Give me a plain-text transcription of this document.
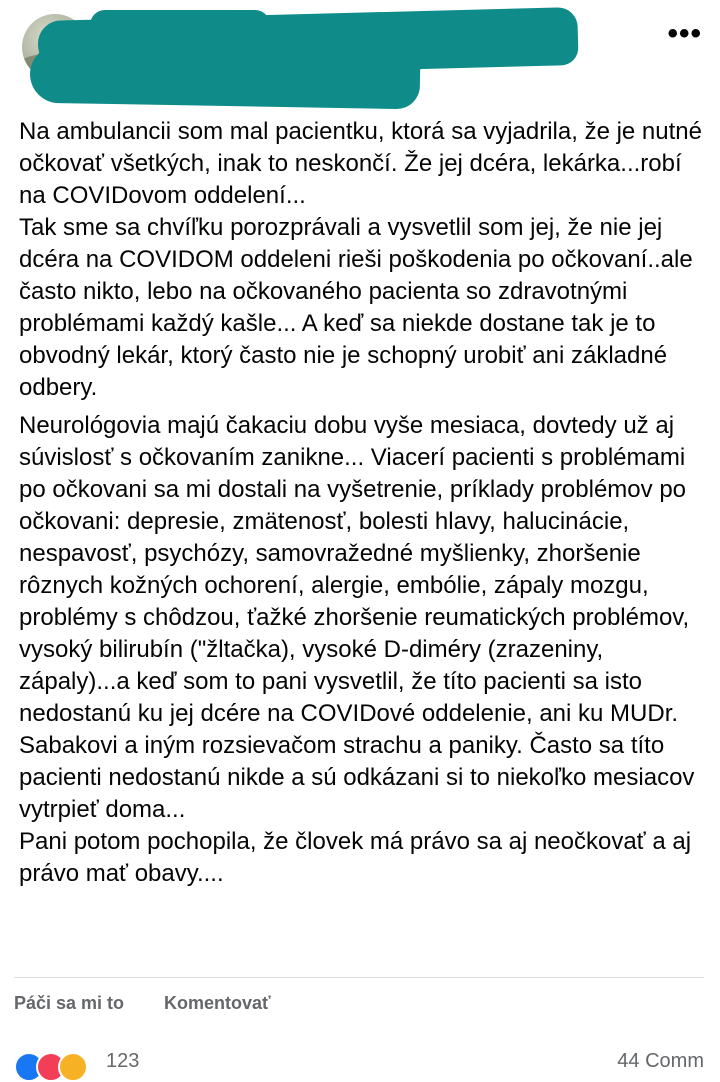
•••

Na ambulancii som mal pacientku, ktorá sa vyjadrila, že je nutné očkovať všetkých, inak to neskončí. Že jej dcéra, lekárka...robí na COVIDovom oddelení...
Tak sme sa chvíľku porozprávali a vysvetlil som jej, že nie jej dcéra na COVIDOM oddeleni rieši poškodenia po očkovaní..ale často nikto, lebo na očkovaného pacienta so zdravotnými problémami každý kašle... A keď sa niekde dostane tak je to obvodný lekár, ktorý často nie je schopný urobiť ani základné odbery.

Neurológovia majú čakaciu dobu vyše mesiaca, dovtedy už aj súvislosť s očkovaním zanikne... Viacerí pacienti s problémami po očkovani sa mi dostali na vyšetrenie, príklady problémov po očkovani: depresie, zmätenosť, bolesti hlavy, halucinácie, nespavosť, psychózy, samovražedné myšlienky, zhoršenie rôznych kožných ochorení, alergie, embólie, zápaly mozgu, problémy s chôdzou, ťažké zhoršenie reumatických problémov, vysoký bilirubín ("žltačka), vysoké D-diméry (zrazeniny, zápaly)...a keď som to pani vysvetlil, že títo pacienti sa isto nedostanú ku jej dcére na COVIDové oddelenie, ani ku MUDr. Sabakovi a iným rozsievačom strachu a paniky. Často sa títo pacienti nedostanú nikde a sú odkázani si to niekoľko mesiacov vytrpieť doma...
Pani potom pochopila, že človek má právo sa aj neočkovať a aj právo mať obavy....

Páči sa mi to Komentovať
123	44 Comm
